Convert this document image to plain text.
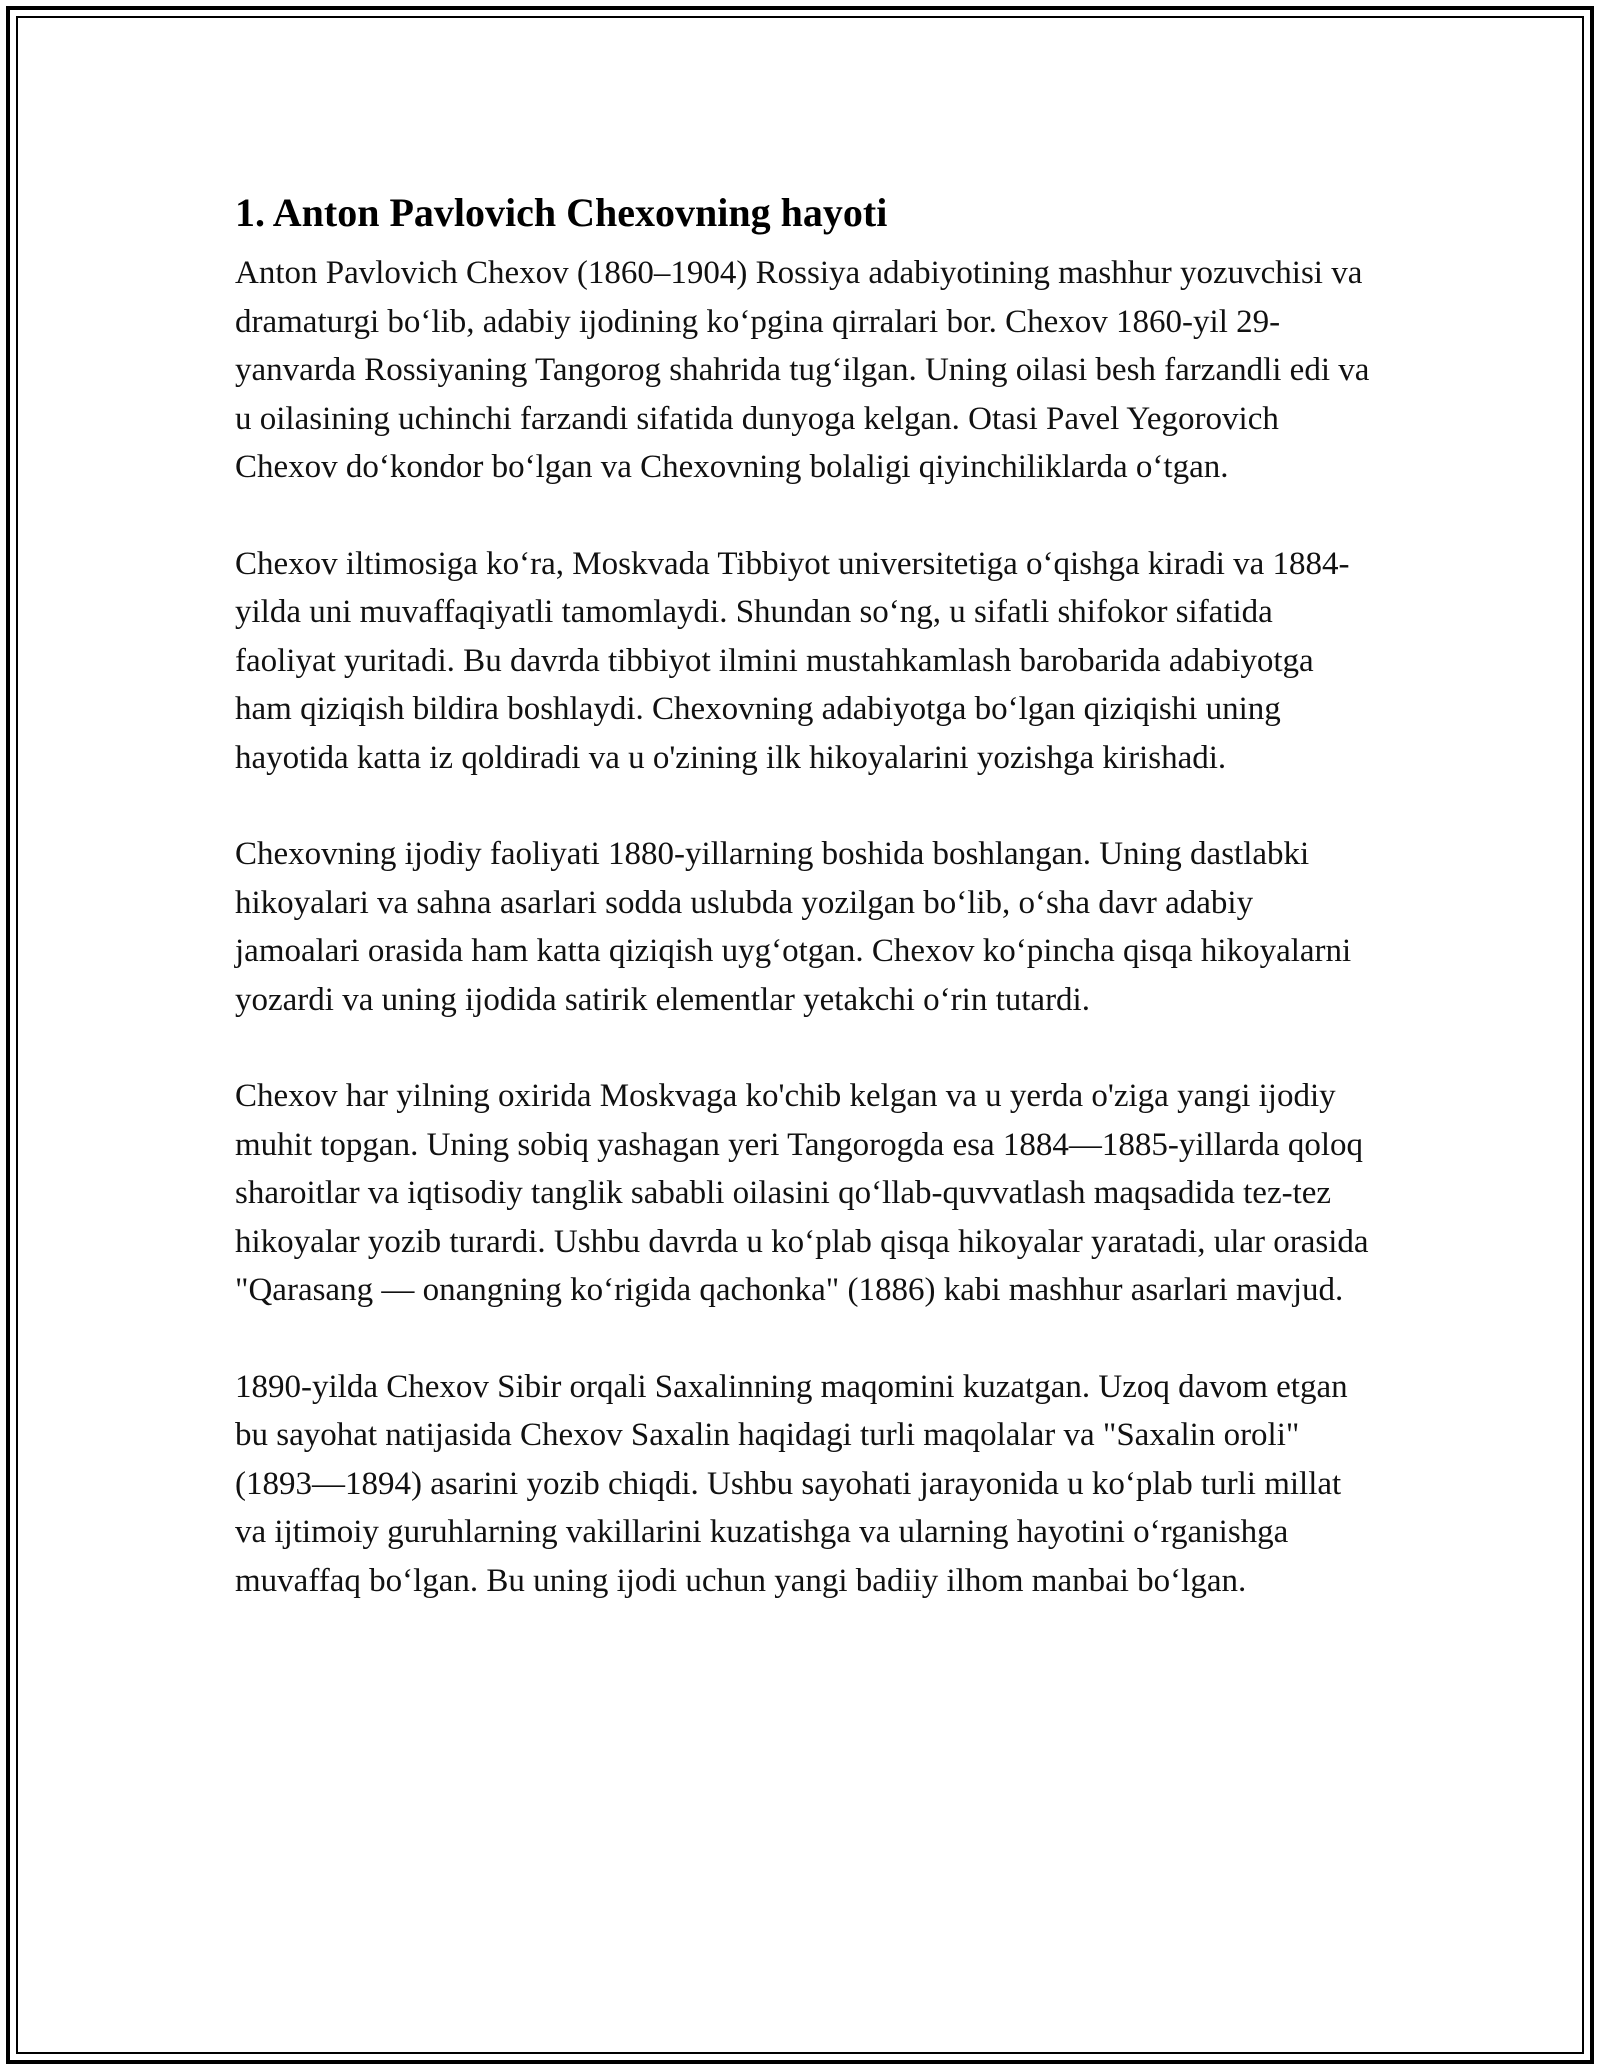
1. Anton Pavlovich Chexovning hayoti

Anton Pavlovich Chexov (1860–1904) Rossiya adabiyotining mashhur yozuvchisi va dramaturgi bo‘lib, adabiy ijodining ko‘pgina qirralari bor. Chexov 1860-yil 29-yanvarda Rossiyaning Tangorog shahrida tug‘ilgan. Uning oilasi besh farzandli edi va u oilasining uchinchi farzandi sifatida dunyoga kelgan. Otasi Pavel Yegorovich Chexov do‘kondor bo‘lgan va Chexovning bolaligi qiyinchiliklarda o‘tgan.

Chexov iltimosiga ko‘ra, Moskvada Tibbiyot universitetiga o‘qishga kiradi va 1884-yilda uni muvaffaqiyatli tamomlaydi. Shundan so‘ng, u sifatli shifokor sifatida faoliyat yuritadi. Bu davrda tibbiyot ilmini mustahkamlash barobarida adabiyotga ham qiziqish bildira boshlaydi. Chexovning adabiyotga bo‘lgan qiziqishi uning hayotida katta iz qoldiradi va u o'zining ilk hikoyalarini yozishga kirishadi.

Chexovning ijodiy faoliyati 1880-yillarning boshida boshlangan. Uning dastlabki hikoyalari va sahna asarlari sodda uslubda yozilgan bo‘lib, o‘sha davr adabiy jamoalari orasida ham katta qiziqish uyg‘otgan. Chexov ko‘pincha qisqa hikoyalarni yozardi va uning ijodida satirik elementlar yetakchi o‘rin tutardi.

Chexov har yilning oxirida Moskvaga ko'chib kelgan va u yerda o'ziga yangi ijodiy muhit topgan. Uning sobiq yashagan yeri Tangorogda esa 1884—1885-yillarda qoloq sharoitlar va iqtisodiy tanglik sababli oilasini qo‘llab-quvvatlash maqsadida tez-tez hikoyalar yozib turardi. Ushbu davrda u ko‘plab qisqa hikoyalar yaratadi, ular orasida "Qarasang — onangning ko‘rigida qachonka" (1886) kabi mashhur asarlari mavjud.

1890-yilda Chexov Sibir orqali Saxalinning maqomini kuzatgan. Uzoq davom etgan bu sayohat natijasida Chexov Saxalin haqidagi turli maqolalar va "Saxalin oroli" (1893—1894) asarini yozib chiqdi. Ushbu sayohati jarayonida u ko‘plab turli millat va ijtimoiy guruhlarning vakillarini kuzatishga va ularning hayotini o‘rganishga muvaffaq bo‘lgan. Bu uning ijodi uchun yangi badiiy ilhom manbai bo‘lgan.
